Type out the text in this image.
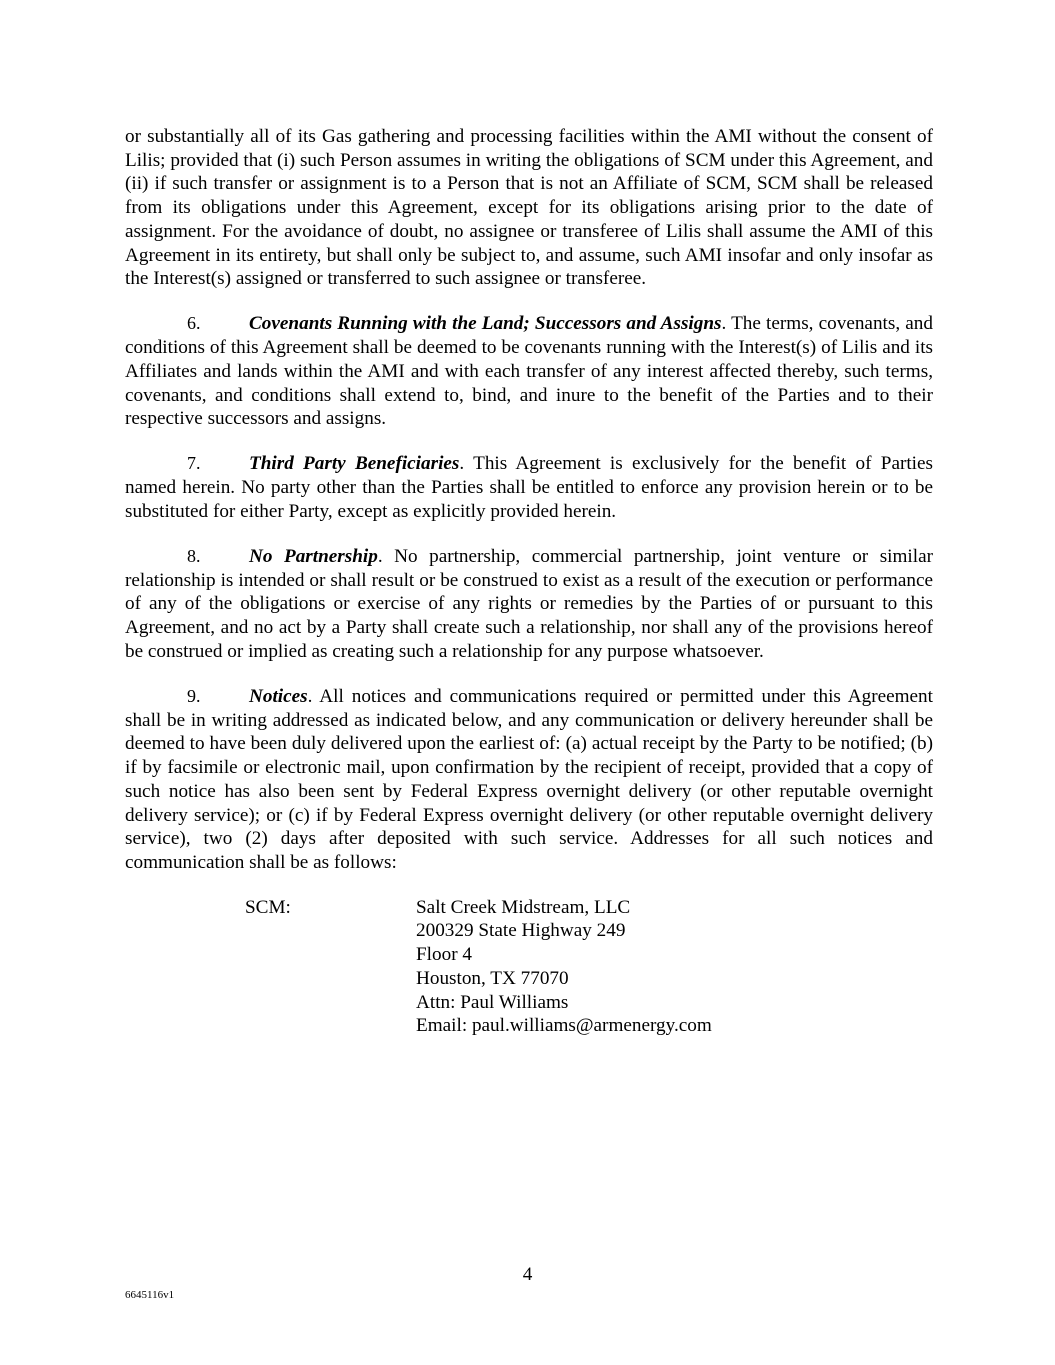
or substantially all of its Gas gathering and processing facilities within the AMI without the consent of Lilis; provided that (i) such Person assumes in writing the obligations of SCM under this Agreement, and (ii) if such transfer or assignment is to a Person that is not an Affiliate of SCM, SCM shall be released from its obligations under this Agreement, except for its obligations arising prior to the date of assignment. For the avoidance of doubt, no assignee or transferee of Lilis shall assume the AMI of this Agreement in its entirety, but shall only be subject to, and assume, such AMI insofar and only insofar as the Interest(s) assigned or transferred to such assignee or transferee.

6.	Covenants Running with the Land; Successors and Assigns. The terms, covenants, and conditions of this Agreement shall be deemed to be covenants running with the Interest(s) of Lilis and its Affiliates and lands within the AMI and with each transfer of any interest affected thereby, such terms, covenants, and conditions shall extend to, bind, and inure to the benefit of the Parties and to their respective successors and assigns.

7.	Third Party Beneficiaries. This Agreement is exclusively for the benefit of Parties named herein. No party other than the Parties shall be entitled to enforce any provision herein or to be substituted for either Party, except as explicitly provided herein.

8.	No Partnership. No partnership, commercial partnership, joint venture or similar relationship is intended or shall result or be construed to exist as a result of the execution or performance of any of the obligations or exercise of any rights or remedies by the Parties of or pursuant to this Agreement, and no act by a Party shall create such a relationship, nor shall any of the provisions hereof be construed or implied as creating such a relationship for any purpose whatsoever.

9.	Notices. All notices and communications required or permitted under this Agreement shall be in writing addressed as indicated below, and any communication or delivery hereunder shall be deemed to have been duly delivered upon the earliest of: (a) actual receipt by the Party to be notified; (b) if by facsimile or electronic mail, upon confirmation by the recipient of receipt, provided that a copy of such notice has also been sent by Federal Express overnight delivery (or other reputable overnight delivery service); or (c) if by Federal Express overnight delivery (or other reputable overnight delivery service), two (2) days after deposited with such service. Addresses for all such notices and communication shall be as follows:

SCM:	Salt Creek Midstream, LLC
200329 State Highway 249
Floor 4
Houston, TX 77070
Attn: Paul Williams
Email: paul.williams@armenergy.com
4
6645116v1
